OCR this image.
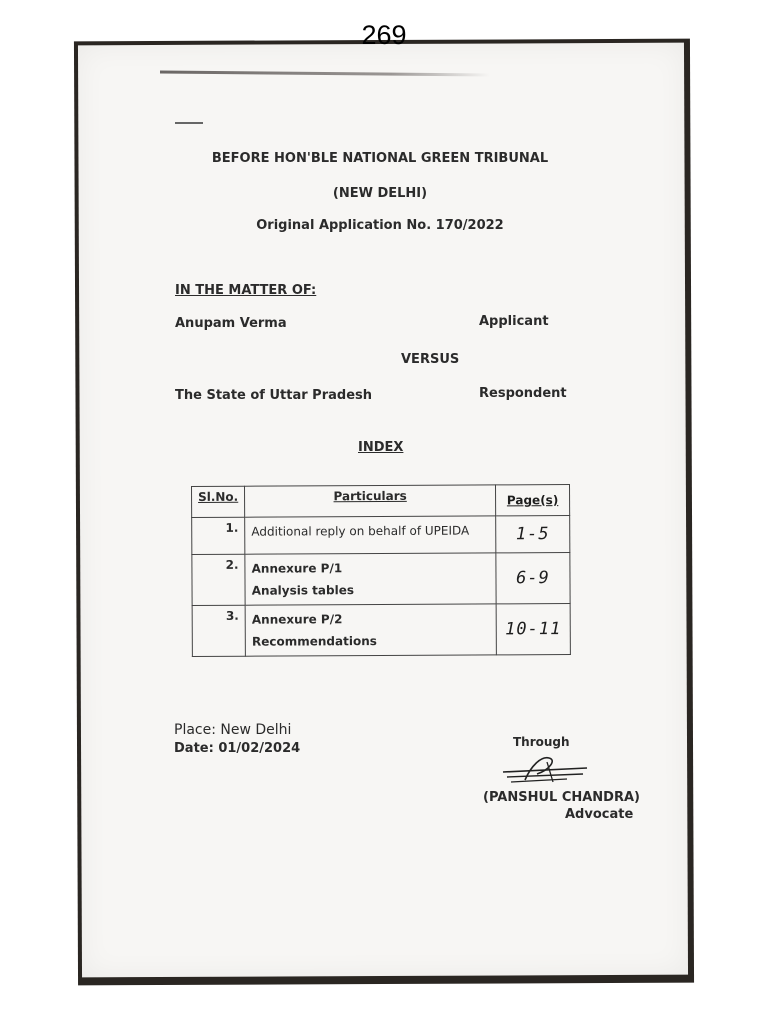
269
BEFORE HON'BLE NATIONAL GREEN TRIBUNAL
(NEW DELHI)
Original Application No. 170/2022
IN THE MATTER OF:
Anupam Verma	Applicant
VERSUS
The State of Uttar Pradesh	Respondent
INDEX
Sl.No.	Particulars	Page(s)
1.	Additional reply on behalf of UPEIDA	1-5
2.	Annexure P/1
Analysis tables	6-9
3.	Annexure P/2
Recommendations	10-11
Place: New Delhi
Date: 01/02/2024	Through
(PANSHUL CHANDRA)
Advocate
